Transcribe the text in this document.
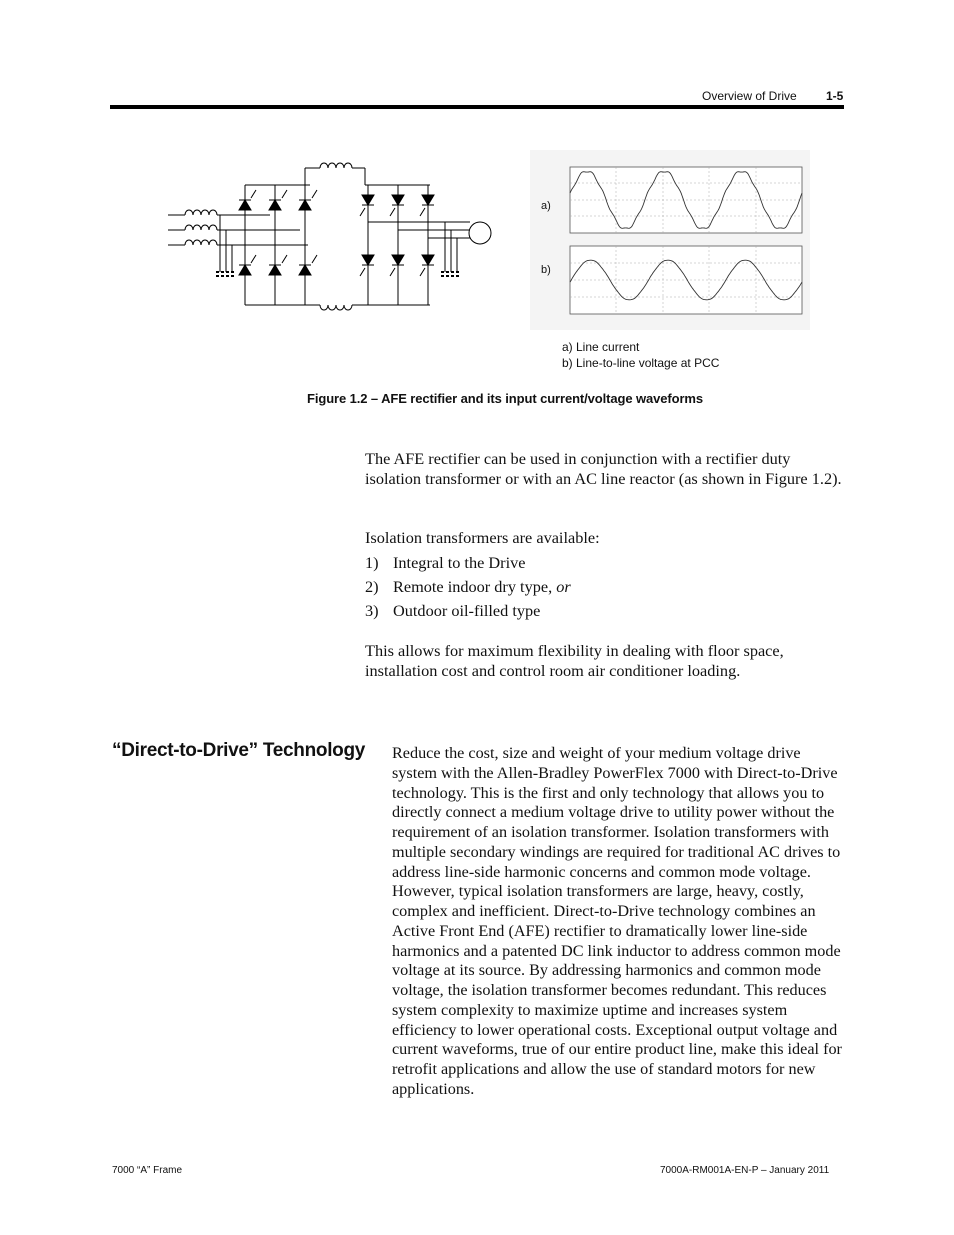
Overview of Drive 1-5
a)
b)
a) Line current
b) Line-to-line voltage at PCC
Figure 1.2 – AFE rectifier and its input current/voltage waveforms

The AFE rectifier can be used in conjunction with a rectifier duty isolation transformer or with an AC line reactor (as shown in Figure 1.2).

Isolation transformers are available:

1) Integral to the Drive
2) Remote indoor dry type, or
3) Outdoor oil-filled type

This allows for maximum flexibility in dealing with floor space, installation cost and control room air conditioner loading.

“Direct-to-Drive” Technology Reduce the cost, size and weight of your medium voltage drive system with the Allen-Bradley PowerFlex 7000 with Direct-to-Drive technology. This is the first and only technology that allows you to directly connect a medium voltage drive to utility power without the requirement of an isolation transformer. Isolation transformers with multiple secondary windings are required for traditional AC drives to address line-side harmonic concerns and common mode voltage. However, typical isolation transformers are large, heavy, costly, complex and inefficient. Direct-to-Drive technology combines an Active Front End (AFE) rectifier to dramatically lower line-side harmonics and a patented DC link inductor to address common mode voltage at its source. By addressing harmonics and common mode voltage, the isolation transformer becomes redundant. This reduces system complexity to maximize uptime and increases system efficiency to lower operational costs. Exceptional output voltage and current waveforms, true of our entire product line, make this ideal for retrofit applications and allow the use of standard motors for new applications.

7000 “A” Frame	7000A-RM001A-EN-P – January 2011
